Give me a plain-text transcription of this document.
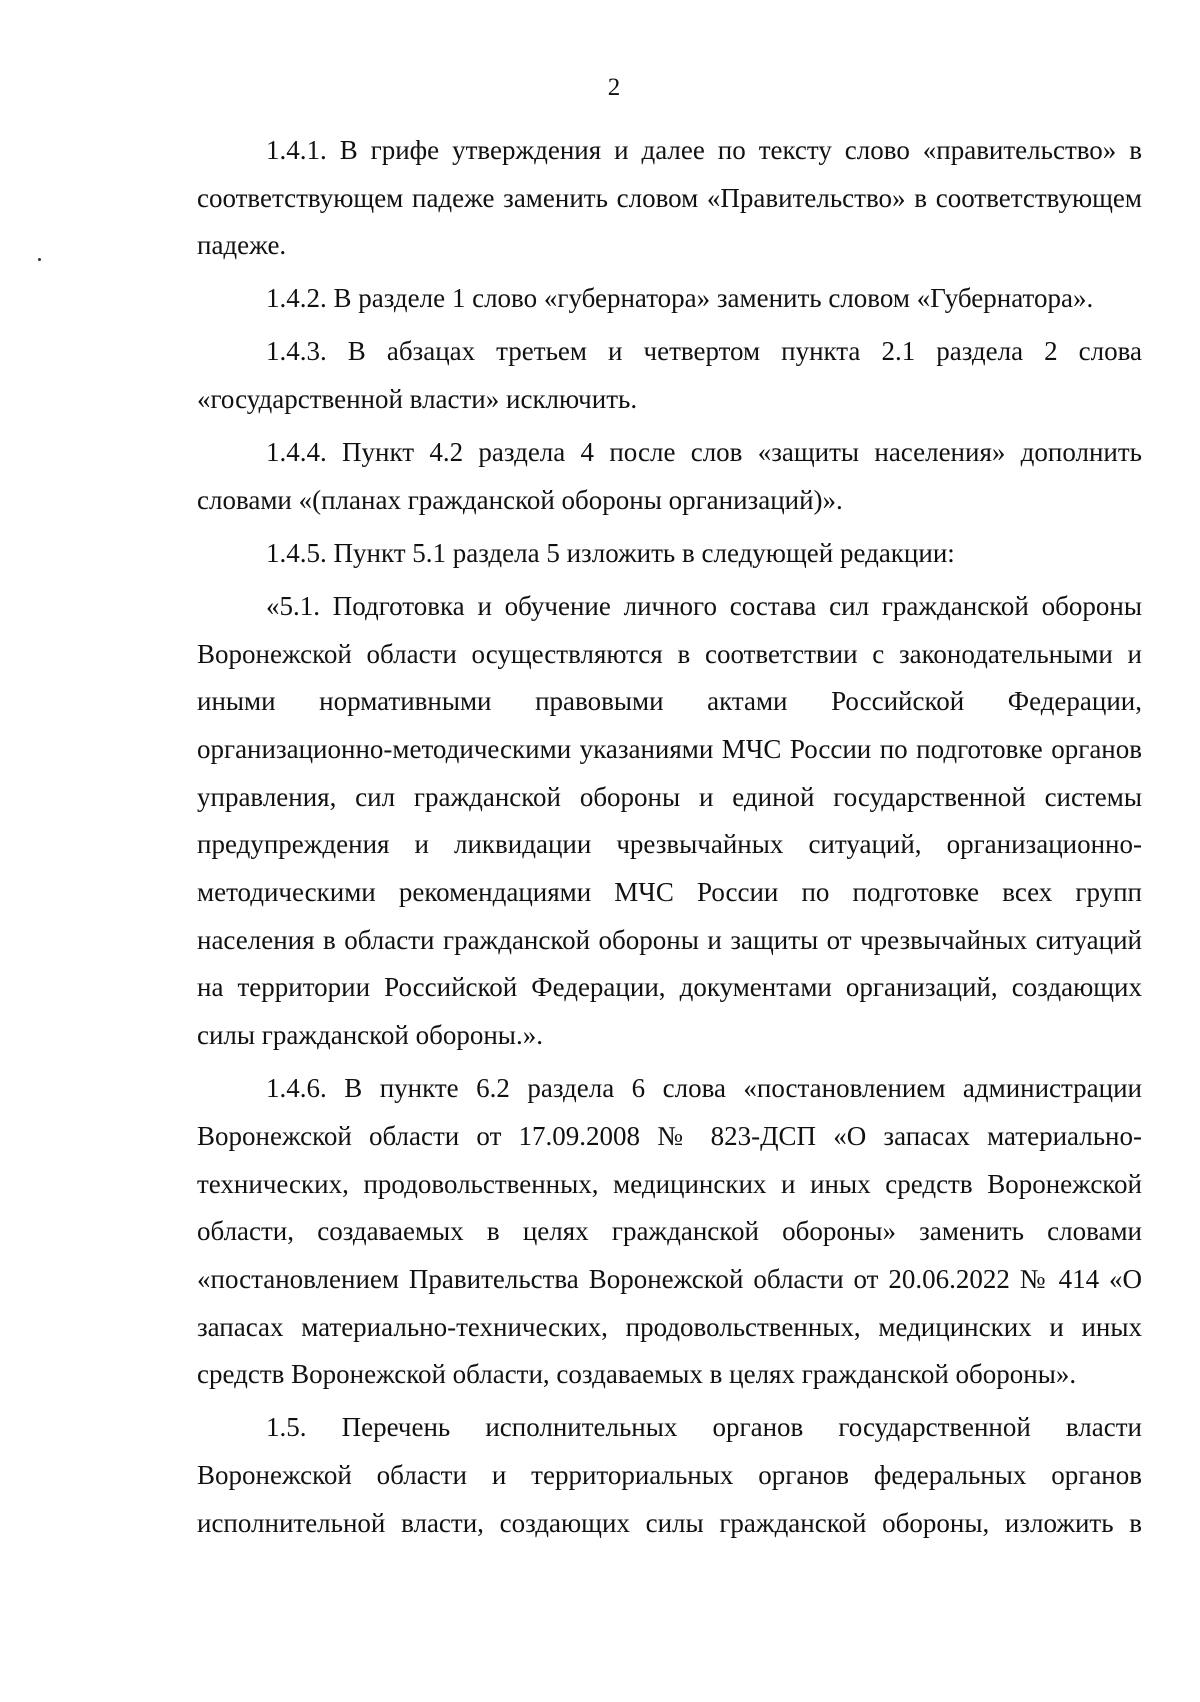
2

1.4.1. В грифе утверждения и далее по тексту слово «правительство» в соответствующем падеже заменить словом «Правительство» в соответствующем падеже.

1.4.2. В разделе 1 слово «губернатора» заменить словом «Губернатора».

1.4.3. В абзацах третьем и четвертом пункта 2.1 раздела 2 слова «государственной власти» исключить.

1.4.4. Пункт 4.2 раздела 4 после слов «защиты населения» дополнить словами «(планах гражданской обороны организаций)».

1.4.5. Пункт 5.1 раздела 5 изложить в следующей редакции:

«5.1. Подготовка и обучение личного состава сил гражданской обороны Воронежской области осуществляются в соответствии с законодательными и иными нормативными правовыми актами Российской Федерации, организационно-методическими указаниями МЧС России по подготовке органов управления, сил гражданской обороны и единой государственной системы предупреждения и ликвидации чрезвычайных ситуаций, организационно-методическими рекомендациями МЧС России по подготовке всех групп населения в области гражданской обороны и защиты от чрезвычайных ситуаций на территории Российской Федерации, документами организаций, создающих силы гражданской обороны.».

1.4.6. В пункте 6.2 раздела 6 слова «постановлением администрации Воронежской области от 17.09.2008 № 823-ДСП «О запасах материально-технических, продовольственных, медицинских и иных средств Воронежской области, создаваемых в целях гражданской обороны» заменить словами «постановлением Правительства Воронежской области от 20.06.2022 № 414 «О запасах материально-технических, продовольственных, медицинских и иных средств Воронежской области, создаваемых в целях гражданской обороны».

1.5. Перечень исполнительных органов государственной власти Воронежской области и территориальных органов федеральных органов исполнительной власти, создающих силы гражданской обороны, изложить в
